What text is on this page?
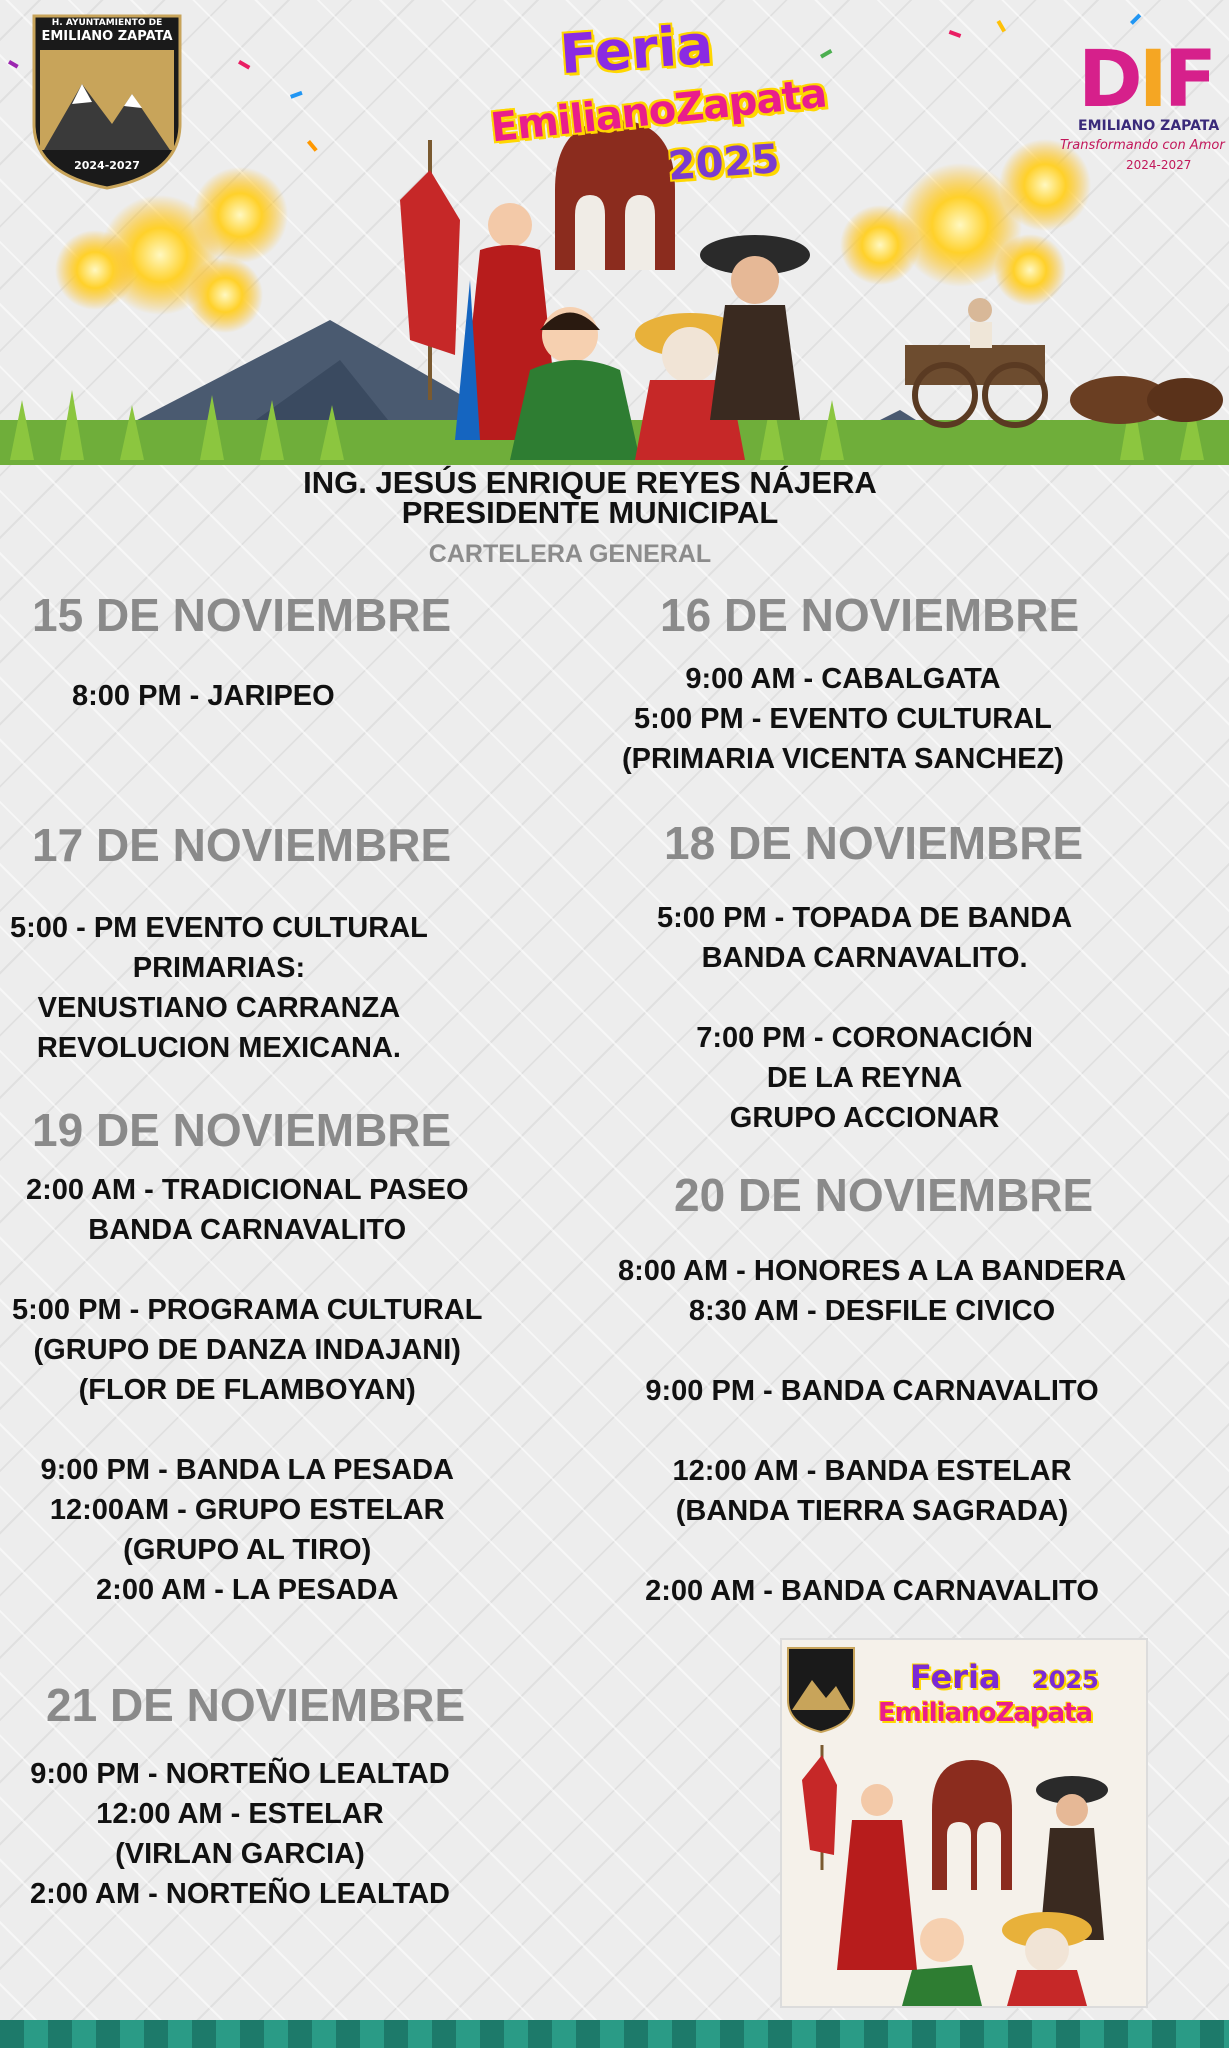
H. AYUNTAMIENTO DE
EMILIANO ZAPATA
2024-2027
Feria
EmilianoZapata
2025
DIF
EMILIANO ZAPATA
Transformando con Amor
2024-2027
ING. JESÚS ENRIQUE REYES NÁJERA
PRESIDENTE MUNICIPAL
CARTELERA GENERAL
15 DE NOVIEMBRE
8:00 PM - JARIPEO
16 DE NOVIEMBRE
9:00 AM - CABALGATA
5:00 PM - EVENTO CULTURAL
(PRIMARIA VICENTA SANCHEZ)
17 DE NOVIEMBRE
5:00 - PM EVENTO CULTURAL
PRIMARIAS:
VENUSTIANO CARRANZA
REVOLUCION MEXICANA.
18 DE NOVIEMBRE
5:00 PM - TOPADA DE BANDA
BANDA CARNAVALITO.
7:00 PM - CORONACIÓN
DE LA REYNA
GRUPO ACCIONAR
19 DE NOVIEMBRE
2:00 AM - TRADICIONAL PASEO
BANDA CARNAVALITO
5:00 PM - PROGRAMA CULTURAL
(GRUPO DE DANZA INDAJANI)
(FLOR DE FLAMBOYAN)
9:00 PM - BANDA LA PESADA
12:00AM - GRUPO ESTELAR
(GRUPO AL TIRO)
2:00 AM - LA PESADA
20 DE NOVIEMBRE
8:00 AM - HONORES A LA BANDERA
8:30 AM - DESFILE CIVICO
9:00 PM - BANDA CARNAVALITO
12:00 AM - BANDA ESTELAR
(BANDA TIERRA SAGRADA)
2:00 AM - BANDA CARNAVALITO
21 DE NOVIEMBRE
9:00 PM - NORTEÑO LEALTAD
12:00 AM - ESTELAR
(VIRLAN GARCIA)
2:00 AM - NORTEÑO LEALTAD
Feria 2025
EmilianoZapata
